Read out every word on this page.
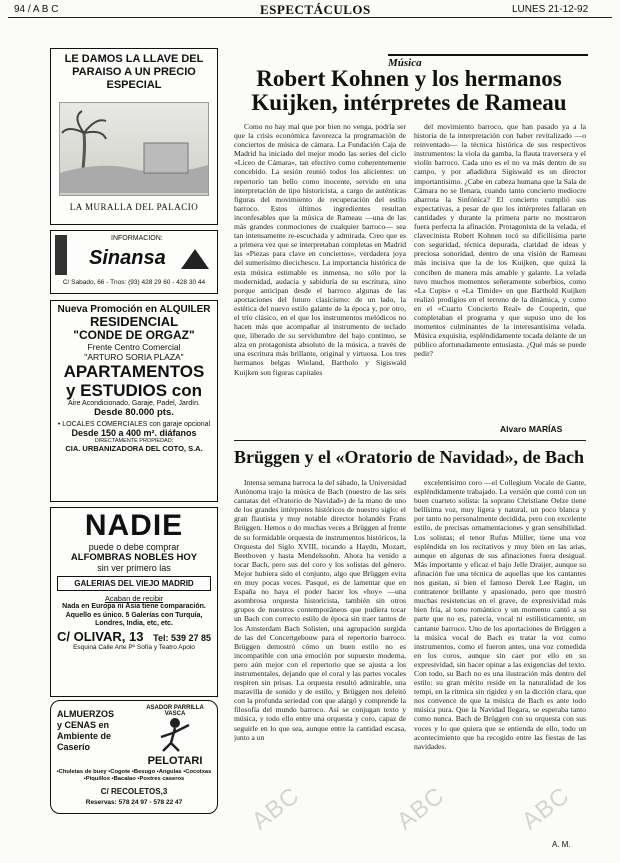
94 / A B C	ESPECTÁCULOS	LUNES 21-12-92
LE DAMOS LA LLAVE DEL PARAISO A UN PRECIO ESPECIAL
LA MURALLA DEL PALACIO
INFORMACION:
Sinansa
C/ Sabado, 66 - Tnos: (93) 428 29 60 - 428 30 44
Nueva Promoción en ALQUILER
RESIDENCIAL
"CONDE DE ORGAZ"
Frente Centro Comercial
"ARTURO SORIA PLAZA"
APARTAMENTOS
y ESTUDIOS con
Aire Acondicionado, Garaje, Padel, Jardín.
Desde 80.000 pts.
• LOCALES COMERCIALES con garaje opcional
Desde 150 a 400 m². diáfanos
DIRECTAMENTE PROPIEDAD:
CIA. URBANIZADORA DEL COTO, S.A.
NADIE
puede o debe comprar
ALFOMBRAS NOBLES HOY
sin ver primero las
GALERIAS DEL VIEJO MADRID
Acaban de recibir
Nada en Europa ni Asia tiene comparación. Aquello es único. 5 Galerías con Turquía, Londres, India, etc, etc.
C/ OLIVAR, 13 Tel: 539 27 85
Esquina Calle Arte Pº Sofía y Teatro Apolo
ALMUERZOS
y CENAS en
Ambiente de
Caserío
ASADOR PARRILLA VASCA
PELOTARI
•Chuletas de buey •Cogote •Besugo •Angulas •Cocotxas •Piquillos •Bacalao •Postres caseros
C/ RECOLETOS,3
Reservas: 578 24 97 - 578 22 47
Música
Robert Kohnen y los hermanos
Kuijken, intérpretes de Rameau

Como no hay mal que por bien no venga, podría ser que la crisis económica favorezca la programación de conciertos de música de cámara. La Fundación Caja de Madrid ha iniciado del mejor modo las series del ciclo «Liceo de Cámara», tan efectivo como coherentemente concebido. La sesión reunió todos los alicientes: un repertorio tan bello como inocente, servido en una interpretación de tipo historicista, a cargo de auténticas figuras del movimiento de recuperación del estilo barroco. Estos últimos ingredientes resultan inconfesables que la música de Rameau —una de las más grandes conmociones de cualquier barroco— sea tan intensamente re-escuchada y admirada. Creo que es a primera vez que se interpretaban completas en Madrid las «Piezas para clave en conciertos», verdadera joya del sumerísimo diecichesco. La importancia histórica de esta música estimable es inmensa, no sólo por la modernidad, audacia y sabiduría de su escritura, sino porque anticipan desde el barroco algunas de las aportaciones del futuro clasicismo: de un lado, la estética del nuevo estilo galante de la época y, por otro, el trío clásico, en el que los instrumentos melódicos no hacen más que acompañar al instrumento de teclado que, liberado de su servidumbre del bajo continuo, se alza en protagonista absoluto de la música, a través de una escritura más brillante, original y virtuosa. Los tres hermanos belgas Wieland, Bartholo y Sigiswald Kuijken son figuras capitales

del movimiento barroco, que han pasado ya a la historia de la interpretación con haber revitalizado —o reinventado— la técnica histórica de sus respectivos instrumentos: la viola da gamba, la flauta traversera y el violín barroco. Cada uno es el no va más dentro de su campo, y por añadidura Sigiswald es un director importantísimo. ¿Cabe en cabeza humana que la Sala de Cámara no se llenara, cuando tanto concierto mediocre abarrota la Sinfónica? El concierto cumplió sus expectativas, a pesar de que los intérpretes fallaran en cantidades y durante la primera parte no mostraron fuera perfecta la afinación. Protagonista de la velada, el clavecinista Robert Kohnen tocó su difícilísima parte con seguridad, técnica depurada, claridad de ideas y preciosa sonoridad, dentro de una visión de Rameau más incisiva que la de los Kuijken, que quizá la conciben de manera más amable y galante. La velada tuvo muchos momentos señeramente soberbios, como «La Cupis» o «La Timide» en que Barthold Kuijken realizó prodigios en el terreno de la dinámica, y como en el «Cuarto Concierto Real» de Couperin, que completaban el programa y que supuso uno de los momentos culminantes de la interesantísima velada. Música exquisita, espléndidamente tocada delante de un público afortunadamente entusiasta. ¿Qué más se puede pedir?

Alvaro MARÍAS
Brüggen y el «Oratorio de Navidad», de Bach

Intensa semana barroca la del sábado, la Universidad Autónoma trajo la música de Bach (nuestro de las seis cantatas del «Oratorio de Navidad») de la mano de uno de los grandes intérpretes históricos de nuestro siglo: el gran flautista y muy notable director holandés Frans Brüggen. Hemos o do muchas veces a Brüggen al frente de su formidable orquesta de instrumentos históricos, la Orquesta del Siglo XVIII, tocando a Haydn, Mozart, Beethoven y hasta Mendelssohn. Ahora ha venido a tocar Bach, pero sus del coro y los solistas del género. Mejor hubiera sido el conjunto, algo que Brüggen evita en muy pocas veces. Pasqué, es de lamentar que en España no haya el poder hacer los «hoy» —una asombrosa orquesta historicista, también sin otros grupos de nuestros contemporáneos que pudiera tocar un Bach con correcto estilo de época sin traer tantos de los Amsterdam Bach Solisten, una agrupación surgida de las del Concertgebouw para el repertorio barroco. Brüggen demostró cómo un buen estilo no es incompatible con una emoción por supuesto moderna, pero aún mejor con el repertorio que se ajusta a los instrumentales, dejando que el coral y las partes vocales respiren sin prisas. La orquesta resultó admirable, una maravilla de sonido y de estilo, y Brüggen nos deleitó con la profunda seriedad con que alargó y comprende la filosofía del mundo barroco. Así se conjugan texto y música, y todo ello entre una orquesta y coro, capaz de seguirle en lo que sea, aunque entre la cantidad escasa, junto a un

excelentísimo coro —el Collegium Vocale de Gante, espléndidamente trabajado. La versión que contó con un buen cuarteto solista: la soprano Christiane Oelze tiene bellísima voz, muy ligera y natural, un poco blanca y por tanto no personalmente decidida, pero con excelente estilo, de precisas ornamentaciones y gran sensibilidad. Los solistas; el tenor Rufus Müller, tiene una voz espléndida en los recitativos y muy bien en las arias, aunque en algunas de sus afinaciones fuera desigual. Más importante y eficaz el bajo Jelle Draijer, aunque su afinación fue una técnica de aquellas que los cantantes nos gustan, si bien el famoso Derek Lee Ragin, un contratenor brillante y apasionado, pero que mostró muchas resistencias en el grave, de expresividad más bien fría, al tono romántico y un momento cantó a su parte que no es, parecía, vocal ni estilísticamente, un cantante barroco. Uno de los aportaciones de Brüggen a la música vocal de Bach es tratar la voz como instrumentos, como el fueron antes, una voz comedida en los coros, aunque sin caer por ello en su expresividad, sin hacer opinar a las exigencias del texto. Con todo, su Bach no es una ilustración más dentro del estilo: su gran mérito reside en la naturalidad de los tempi, en la rítmica sin rigidez y en la dicción clara, que nos convence de que la música de Bach es ante todo música pura. Que la Navidad llegara, se esperaba tanto como nunca. Bach de Brüggen con su orquesta con sus voces y lo que quiera que se entienda de ello, todo un acontecimiento que ha recogido entre las fiestas de las navidades.

A. M.
ABC	ABC	ABC
